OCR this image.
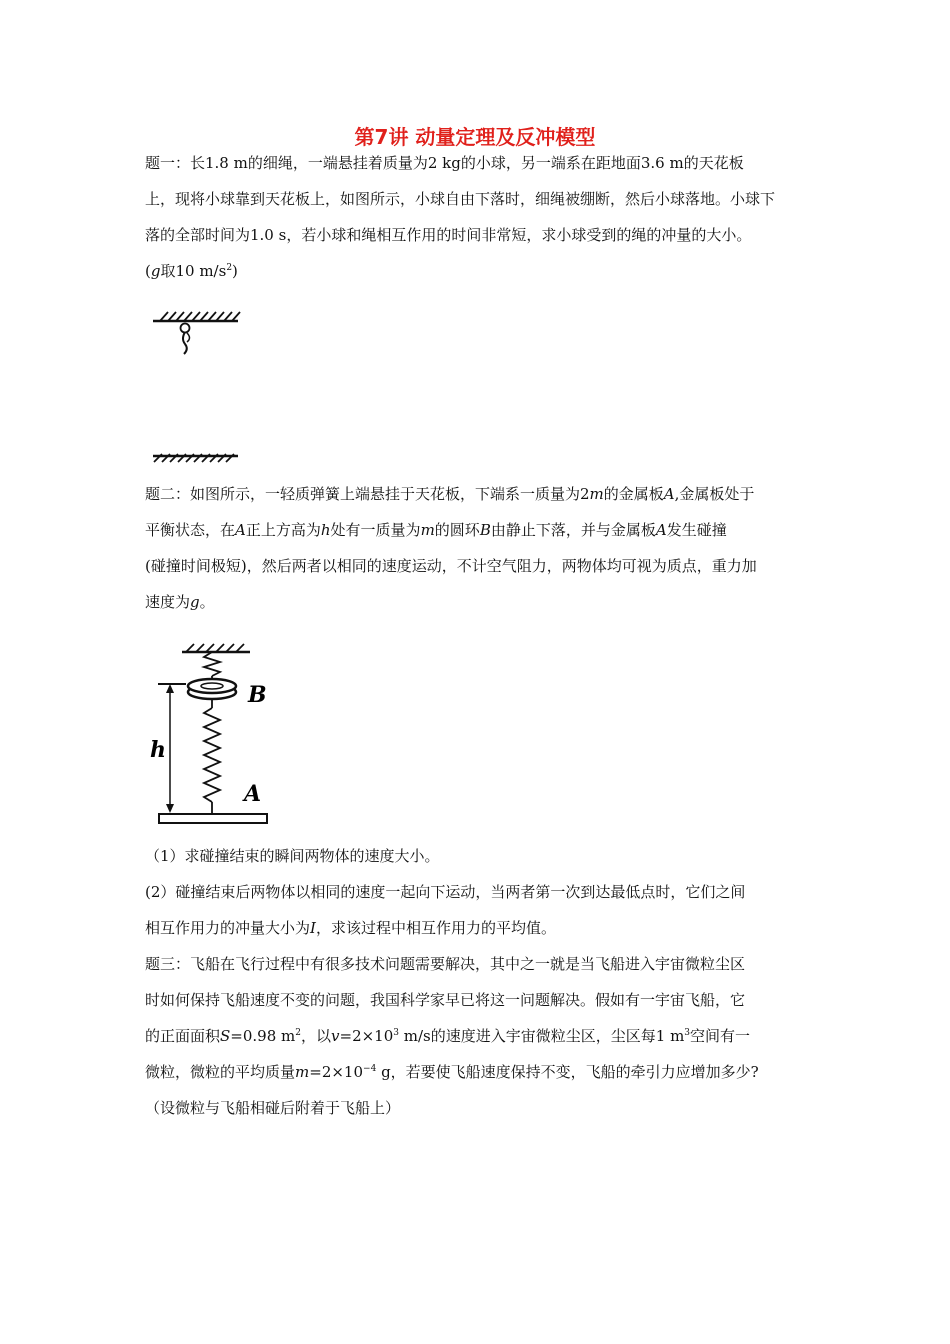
第7讲 动量定理及反冲模型

题一：长1.8 m的细绳，一端悬挂着质量为2 kg的小球，另一端系在距地面3.6 m的天花板

上，现将小球靠到天花板上，如图所示，小球自由下落时，细绳被绷断，然后小球落地。小球下

落的全部时间为1.0 s，若小球和绳相互作用的时间非常短，求小球受到的绳的冲量的大小。

(g取10 $m/s^2$)

题二：如图所示，一轻质弹簧上端悬挂于天花板，下端系一质量为2m的金属板A,金属板处于

平衡状态，在A正上方高为h处有一质量为m的圆环B由静止下落，并与金属板A发生碰撞

(碰撞时间极短)，然后两者以相同的速度运动，不计空气阻力，两物体均可视为质点，重力加

速度为g。

B
h
A

（1）求碰撞结束的瞬间两物体的速度大小。

(2）碰撞结束后两物体以相同的速度一起向下运动，当两者第一次到达最低点时，它们之间

相互作用力的冲量大小为I，求该过程中相互作用力的平均值。

题三：飞船在飞行过程中有很多技术问题需要解决，其中之一就是当飞船进入宇宙微粒尘区

时如何保持飞船速度不变的问题，我国科学家早已将这一问题解决。假如有一宇宙飞船，它

的正面面积S=0.98 $m^2$，以$v=2\times 10^3$ m/s的速度进入宇宙微粒尘区，尘区每1 $m^3$空间有一

微粒，微粒的平均质量$m=2\times 10^{-4}$ g，若要使飞船速度保持不变，飞船的牵引力应增加多少?

（设微粒与飞船相碰后附着于飞船上）
